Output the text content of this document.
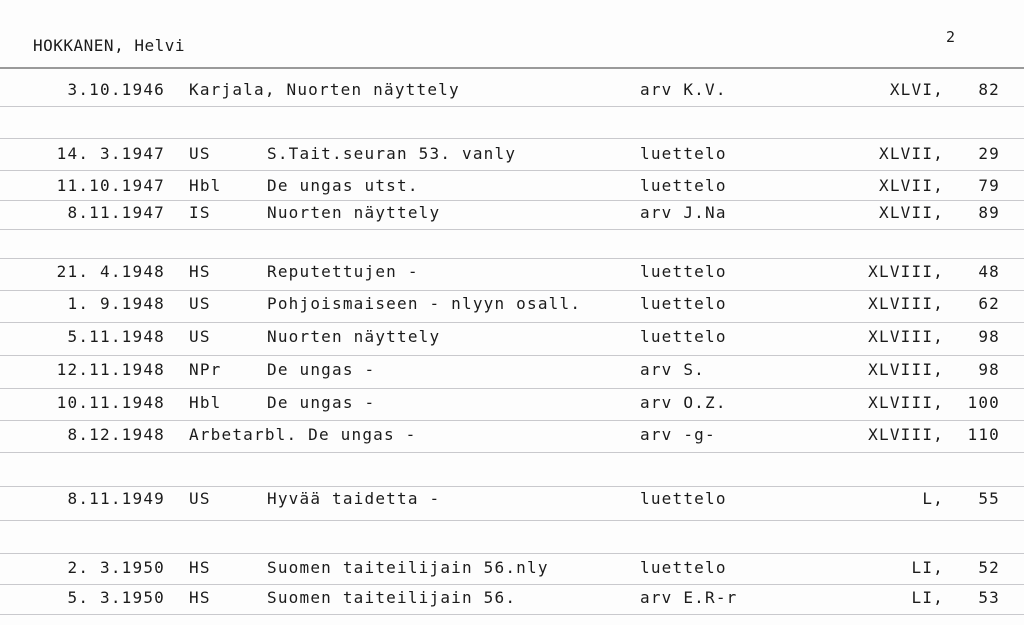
HOKKANEN, Helvi	2
3.10.1946 Karjala, Nuorten näyttely	arv K.V.	XLVI,	82
14. 3.1947 US	S.Tait.seuran 53. vanly	luettelo	XLVII,	29
11.10.1947 Hbl	De ungas utst.	luettelo	XLVII,	79
8.11.1947 IS	Nuorten näyttely	arv J.Na	XLVII,	89
21. 4.1948 HS	Reputettujen -	luettelo	XLVIII,	48
1. 9.1948 US	Pohjoismaiseen - nlyyn osall.	luettelo	XLVIII,	62
5.11.1948 US	Nuorten näyttely	luettelo	XLVIII,	98
12.11.1948 NPr	De ungas -	arv S.	XLVIII,	98
10.11.1948 Hbl	De ungas -	arv O.Z.	XLVIII,	100
8.12.1948 Arbetarbl. De ungas -	arv -g-	XLVIII,	110
8.11.1949 US	Hyvää taidetta -	luettelo	L,	55
2. 3.1950 HS	Suomen taiteilijain 56.nly	luettelo	LI,	52
5. 3.1950 HS	Suomen taiteilijain 56.	arv E.R-r	LI,	53
